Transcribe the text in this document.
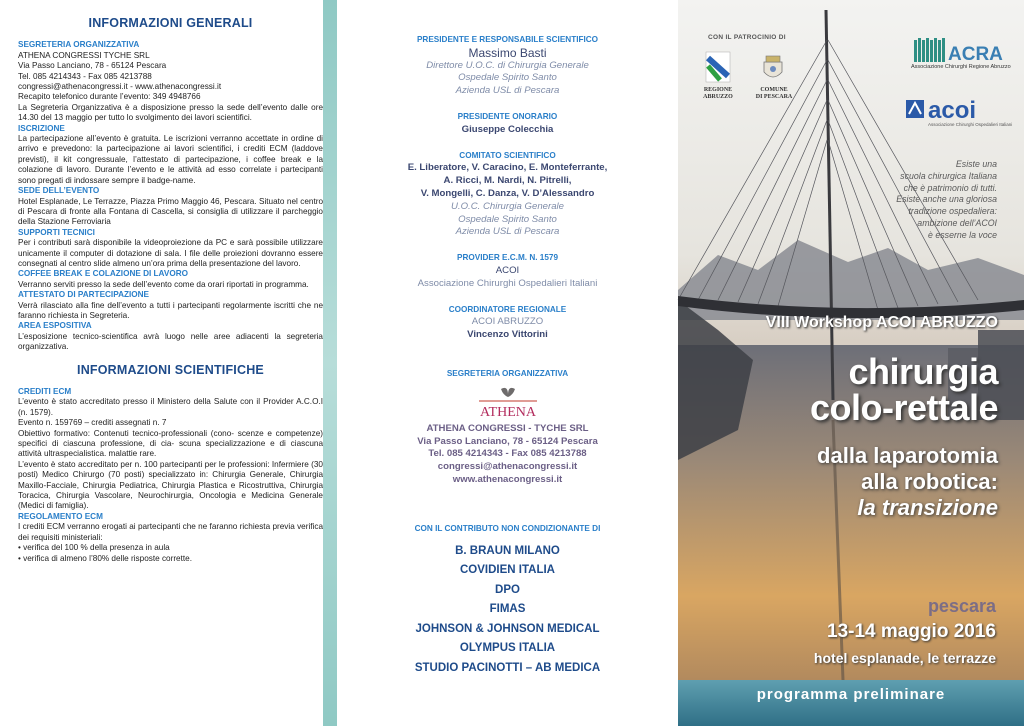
INFORMAZIONI GENERALI
SEGRETERIA ORGANIZZATIVA
ATHENA CONGRESSI TYCHE SRL
Via Passo Lanciano, 78 - 65124 Pescara
Tel. 085 4214343 - Fax 085 4213788
congressi@athenacongressi.it - www.athenacongressi.it
Recapito telefonico durante l’evento: 349 4948766
La Segreteria Organizzativa è a disposizione presso la sede dell’evento dalle ore 14.30 del 13 maggio per tutto lo svolgimento dei lavori scientifici.
ISCRIZIONE
La partecipazione all’evento è gratuita. Le iscrizioni verranno accettate in ordine di arrivo e prevedono: la partecipazione ai lavori scientifici, i crediti ECM (laddove previsti), il kit congressuale, l’attestato di partecipazione, i coffee break e la colazione di lavoro. Durante l’evento e le attività ad esso correlate i partecipanti sono pregati di indossare sempre il badge-name.
SEDE DELL’EVENTO
Hotel Esplanade, Le Terrazze, Piazza Primo Maggio 46, Pescara. Situato nel centro di Pescara di fronte alla Fontana di Cascella, si consiglia di utilizzare il parcheggio della Stazione Ferroviaria
SUPPORTI TECNICI
Per i contributi sarà disponibile la videoproiezione da PC e sarà possibile utilizzare unicamente il computer di dotazione di sala. I file delle proiezioni dovranno essere consegnati al centro slide almeno un’ora prima della presentazione del lavoro.
COFFEE BREAK E COLAZIONE DI LAVORO
Verranno serviti presso la sede dell’evento come da orari riportati in programma.
ATTESTATO DI PARTECIPAZIONE
Verrà rilasciato alla fine dell’evento a tutti i partecipanti regolarmente iscritti che ne faranno richiesta in Segreteria.
AREA ESPOSITIVA
L’esposizione tecnico-scientifica avrà luogo nelle aree adiacenti la segreteria organizzativa.
INFORMAZIONI SCIENTIFICHE
CREDITI ECM
L’evento è stato accreditato presso il Ministero della Salute con il Provider A.C.O.I (n. 1579).
Evento n. 159769 – crediti assegnati n. 7
Obiettivo formativo: Contenuti tecnico-professionali (cono- scenze e competenze) specifici di ciascuna professione, di cia- scuna specializzazione e di ciascuna attività ultraspecialistica. malattie rare.
L’evento è stato accreditato per n. 100 partecipanti per le professioni: Infermiere (30 posti) Medico Chirurgo (70 posti) specializzato in: Chirurgia Generale, Chirurgia Maxillo-Facciale, Chirurgia Pediatrica, Chirurgia Plastica e Ricostruttiva, Chirurgia Toracica, Chirurgia Vascolare, Neurochirurgia, Oncologia e Medicina Generale (Medici di famiglia).
REGOLAMENTO ECM
I crediti ECM verranno erogati ai partecipanti che ne faranno richiesta previa verifica dei requisiti ministeriali:
• verifica del 100 % della presenza in aula
• verifica di almeno l’80% delle risposte corrette.
PRESIDENTE E RESPONSABILE SCIENTIFICO
Massimo Basti
Direttore U.O.C. di Chirurgia Generale
Ospedale Spirito Santo
Azienda USL di Pescara
PRESIDENTE ONORARIO
Giuseppe Colecchia
COMITATO SCIENTIFICO
E. Liberatore, V. Caracino, E. Monteferrante,
A. Ricci, M. Nardi, N. Pitrelli,
V. Mongelli, C. Danza, V. D’Alessandro
U.O.C. Chirurgia Generale
Ospedale Spirito Santo
Azienda USL di Pescara
PROVIDER E.C.M. N. 1579
ACOI
Associazione Chirurghi Ospedalieri Italiani
COORDINATORE REGIONALE
ACOI ABRUZZO
Vincenzo Vittorini
SEGRETERIA ORGANIZZATIVA
ATHENA
ATHENA CONGRESSI - TYCHE SRL
Via Passo Lanciano, 78 - 65124 Pescara
Tel. 085 4214343 - Fax 085 4213788
congressi@athenacongressi.it
www.athenacongressi.it
CON IL CONTRIBUTO NON CONDIZIONANTE DI
B. BRAUN MILANO
COVIDIEN ITALIA
DPO
FIMAS
JOHNSON & JOHNSON MEDICAL
OLYMPUS ITALIA
STUDIO PACINOTTI – AB MEDICA
CON IL PATROCINIO DI
REGIONE
ABRUZZO
COMUNE
DI PESCARA
ACRA
Associazione Chirurghi Regione Abruzzo
acoi
Associazione Chirurghi Ospedalieri Italiani
Esiste una
scuola chirurgica Italiana
che è patrimonio di tutti.
Esiste anche una gloriosa
tradizione ospedaliera:
ambizione dell’ACOI
è esserne la voce
VIII Workshop ACOI ABRUZZO
chirurgia
colo-rettale
dalla laparotomia
alla robotica:
la transizione
pescara
13-14 maggio 2016
hotel esplanade, le terrazze
programma preliminare
